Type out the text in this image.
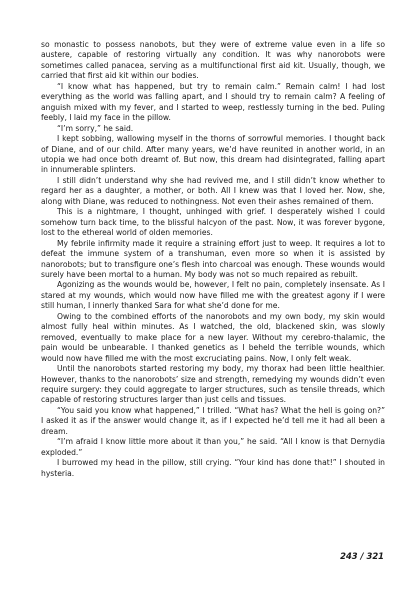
so monastic to possess nanobots, but they were of extreme value even in a life so austere, capable of restoring virtually any condition. It was why nanorobots were sometimes called panacea, serving as a multifunctional first aid kit. Usually, though, we carried that first aid kit within our bodies.

“I know what has happened, but try to remain calm.” Remain calm! I had lost everything as the world was falling apart, and I should try to remain calm? A feeling of anguish mixed with my fever, and I started to weep, restlessly turning in the bed. Puling feebly, I laid my face in the pillow.

“I’m sorry,” he said.

I kept sobbing, wallowing myself in the thorns of sorrowful memories. I thought back of Diane, and of our child. After many years, we’d have reunited in another world, in an utopia we had once both dreamt of. But now, this dream had disintegrated, falling apart in innumerable splinters.

I still didn’t understand why she had revived me, and I still didn’t know whether to regard her as a daughter, a mother, or both. All I knew was that I loved her. Now, she, along with Diane, was reduced to nothingness. Not even their ashes remained of them.

This is a nightmare, I thought, unhinged with grief. I desperately wished I could somehow turn back time, to the blissful halcyon of the past. Now, it was forever bygone, lost to the ethereal world of olden memories.

My febrile infirmity made it require a straining effort just to weep. It requires a lot to defeat the immune system of a transhuman, even more so when it is assisted by nanorobots; but to transfigure one’s flesh into charcoal was enough. These wounds would surely have been mortal to a human. My body was not so much repaired as rebuilt.

Agonizing as the wounds would be, however, I felt no pain, completely insensate. As I stared at my wounds, which would now have filled me with the greatest agony if I were still human, I innerly thanked Sara for what she’d done for me.

Owing to the combined efforts of the nanorobots and my own body, my skin would almost fully heal within minutes. As I watched, the old, blackened skin, was slowly removed, eventually to make place for a new layer. Without my cerebro-thalamic, the pain would be unbearable. I thanked genetics as I beheld the terrible wounds, which would now have filled me with the most excruciating pains. Now, I only felt weak.

Until the nanorobots started restoring my body, my thorax had been little healthier. However, thanks to the nanorobots’ size and strength, remedying my wounds didn’t even require surgery: they could aggregate to larger structures, such as tensile threads, which capable of restoring structures larger than just cells and tissues.

“You said you know what happened,” I trilled. “What has? What the hell is going on?” I asked it as if the answer would change it, as if I expected he’d tell me it had all been a dream.

“I’m afraid I know little more about it than you,” he said. “All I know is that Dernydia exploded.”

I burrowed my head in the pillow, still crying. “Your kind has done that!” I shouted in hysteria.

243 / 321
